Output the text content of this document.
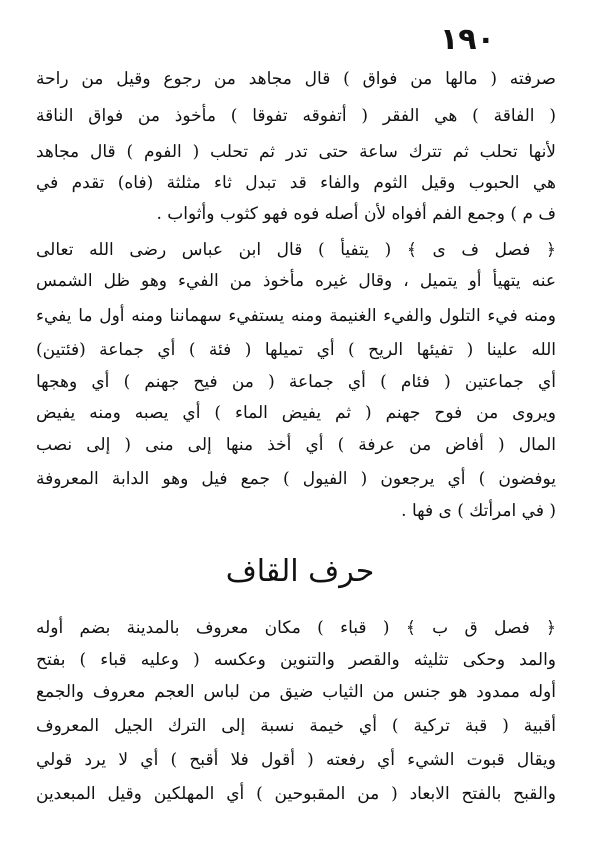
١٩٠
صرفته ( مالها من فواق ) قال مجاهد من رجوع وقيل من راحة
( الفاقة ) هي الفقر ( أتفوقه تفوقا ) مأخوذ من فواق الناقة
لأنها تحلب ثم تترك ساعة حتى تدر ثم تحلب ( الفوم ) قال مجاهد
هي الحبوب وقيل الثوم والفاء قد تبدل ثاء مثلثة (فاه) تقدم في
ف م ) وجمع الفم أفواه لأن أصله فوه فهو كثوب وأثواب .
﴿ فصل ف ى ﴾ ( يتفيأ ) قال ابن عباس رضى الله تعالى
عنه يتهيأ أو يتميل ، وقال غيره مأخوذ من الفيء وهو ظل الشمس
ومنه فيء التلول والفيء الغنيمة ومنه يستفيء سهماننا ومنه أول ما يفيء
الله علينا ( تفيئها الريح ) أي تميلها ( فئة ) أي جماعة (فئتين)
أي جماعتين ( فئام ) أي جماعة ( من فيح جهنم ) أي وهجها
ويروى من فوح جهنم ( ثم يفيض الماء ) أي يصبه ومنه يفيض
المال ( أفاض من عرفة ) أي أخذ منها إلى منى ( إلى نصب
يوفضون ) أي يرجعون ( الفيول ) جمع فيل وهو الدابة المعروفة
( في امرأتك ) ى فها .
حرف القاف
﴿ فصل ق ب ﴾ ( قباء ) مكان معروف بالمدينة بضم أوله
والمد وحكى تثليثه والقصر والتنوين وعكسه ( وعليه قباء ) بفتح
أوله ممدود هو جنس من الثياب ضيق من لباس العجم معروف والجمع
أقبية ( قبة تركية ) أي خيمة نسبة إلى الترك الجيل المعروف
ويقال قبوت الشيء أي رفعته ( أقول فلا أقبح ) أي لا يرد قولي
والقبح بالفتح الابعاد ( من المقبوحين ) أي المهلكين وقيل المبعدين
